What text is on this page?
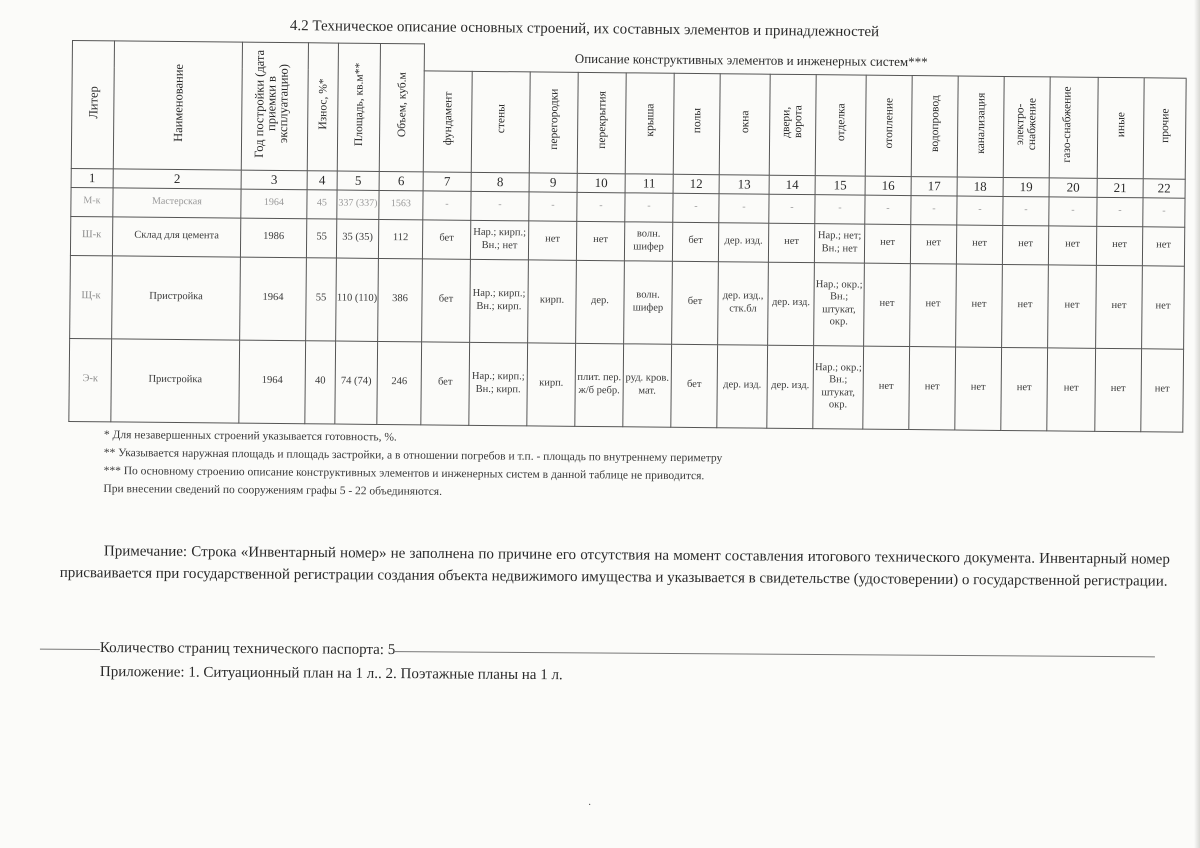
4.2 Техническое описание основных строений, их составных элементов и принадлежностей
Литер	Наименование	Год постройки (дата приемки в эксплуатацию)	Износ, %*	Площадь, кв.м**	Объем, куб.м	Описание конструктивных элементов и инженерных систем***															
						фундамент	стены	перегородки	перекрытия	крыша	полы	окна	двери, ворота	отделка	отопление	водопровод	канализация	электро-снабжение	газо-снабжение	иные	прочие
1	2	3	4	5	6	7	8	9	10	11	12	13	14	15	16	17	18	19	20	21	22
М-к	Мастерская	1964	45	337 (337)	1563	-	-	-	-	-	-	-	-	-	-	-	-	-	-	-	-
Ш-к	Склад для цемента	1986	55	35 (35)	112	бет	Нар.; кирп.; Вн.; нет	нет	нет	волн. шифер	бет	дер. изд.	нет	Нар.; нет; Вн.; нет	нет	нет	нет	нет	нет	нет	нет
Щ-к	Пристройка	1964	55	110 (110)	386	бет	Нар.; кирп.; Вн.; кирп.	кирп.	дер.	волн. шифер	бет	дер. изд., стк.бл	дер. изд.	Нар.; окр.; Вн.; штукат, окр.	нет	нет	нет	нет	нет	нет	нет
Э-к	Пристройка	1964	40	74 (74)	246	бет	Нар.; кирп.; Вн.; кирп.	кирп.	плит. пер. ж/б ребр.	руд. кров. мат.	бет	дер. изд.	дер. изд.	Нар.; окр.; Вн.; штукат, окр.	нет	нет	нет	нет	нет	нет	нет
* Для незавершенных строений указывается готовность, %.
** Указывается наружная площадь и площадь застройки, а в отношении погребов и т.п. - площадь по внутреннему периметру
*** По основному строению описание конструктивных элементов и инженерных систем в данной таблице не приводится.
При внесении сведений по сооружениям графы 5 - 22 объединяются.
Примечание: Строка «Инвентарный номер» не заполнена по причине его отсутствия на момент составления итогового технического документа. Инвентарный номер присваивается при государственной регистрации создания объекта недвижимого имущества и указывается в свидетельстве (удостоверении) о государственной регистрации.
Количество страниц технического паспорта: 5
Приложение: 1. Ситуационный план на 1 л.. 2. Поэтажные планы на 1 л.
·
